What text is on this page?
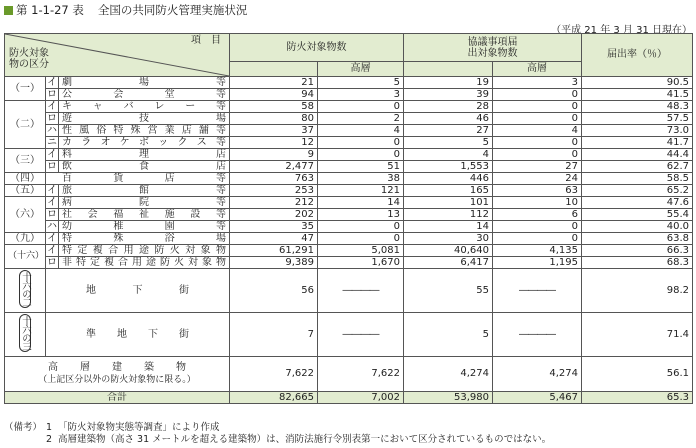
第 1-1-27 表 全国の共同防火管理実施状況
（平成 21 年 3 月 31 日現在）
項　目
防火対象
物の区分			防火対象物数		協議事項届
出対象物数		届出率（％）
				高層		高層	
（一）	イ	劇　　場　　等	21	5	19	3	90.5
	ロ	公　会　堂　等	94	3	39	0	41.5
（二）	イ	キャバレー等	58	0	28	0	48.3
	ロ	遊　　技　　場	80	2	46	0	57.5
	ハ	性風俗特殊営業店舗等	37	4	27	4	73.0
	ニ	カラオケボックス等	12	0	5	0	41.7
（三）	イ	料　　理　　店	9	0	4	0	44.4
	ロ	飲　　食　　店	2,477	51	1,553	27	62.7
（四）	百　貨　店　等		763	38	446	24	58.5
（五）	イ	旅　　館　　等	253	121	165	63	65.2
（六）	イ	病　　院　　等	212	14	101	10	47.6
	ロ	社会福祉施設等	202	13	112	6	55.4
	ハ	幼　稚　園　等	35	0	14	0	40.0
（九）	イ	特　殊　浴　場	47	0	30	0	63.8
（十六）	イ	特定複合用途防火対象物	61,291	5,081	40,640	4,135	66.3
	ロ	非特定複合用途防火対象物	9,389	1,670	6,417	1,195	68.3
十六の二	地　　下　　街		56	――――	55	――――	98.2
十六の三	準　地　下　街		7	――――	5	――――	71.4

高　層　建　築　物
（上記区分以外の防火対象物に限る。）			7,622	7,622	4,274	4,274	56.1
合計			82,665	7,002	53,980	5,467	65.3
（備考） 1 「防火対象物実態等調査」により作成
2 高層建築物（高さ 31 メートルを超える建築物）は、消防法施行令別表第一において区分されているものではない。
